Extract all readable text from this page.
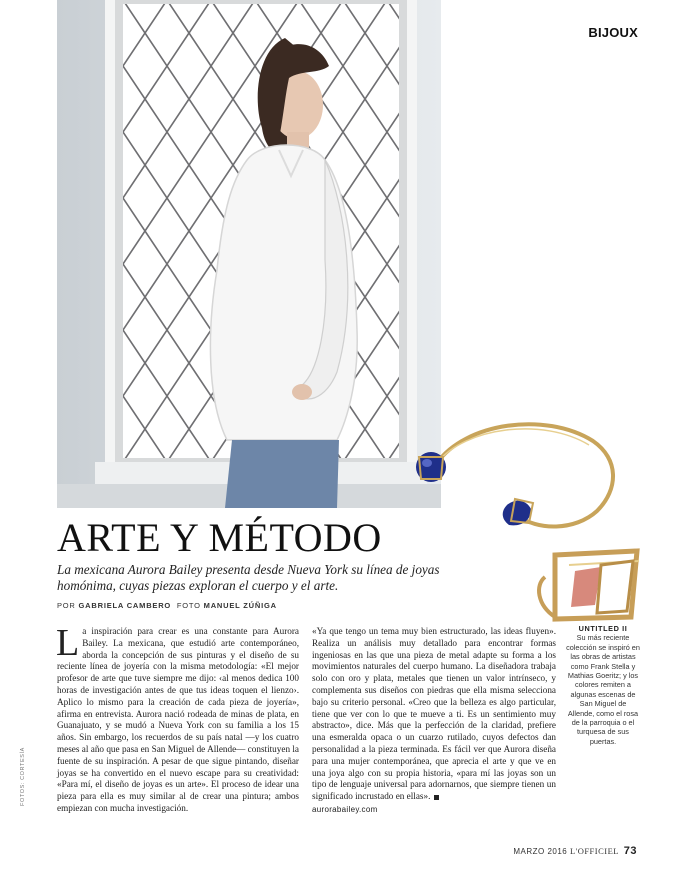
BIJOUX
ARTE Y MÉTODO
La mexicana Aurora Bailey presenta desde Nueva York su línea de joyas homónima, cuyas piezas exploran el cuerpo y el arte.
POR GABRIELA CAMBERO FOTO MANUEL ZÚÑIGA
La inspiración para crear es una constante para Aurora Bailey. La mexicana, que estudió arte contemporáneo, aborda la concepción de sus pinturas y el diseño de su reciente línea de joyería con la misma metodología: «El mejor profesor de arte que tuve siempre me dijo: ‹al menos dedica 100 horas de investigación antes de que tus ideas toquen el lienzo›. Aplico lo mismo para la creación de cada pieza de joyería», afirma en entrevista. Aurora nació rodeada de minas de plata, en Guanajuato, y se mudó a Nueva York con su familia a los 15 años. Sin embargo, los recuerdos de su país natal —y los cuatro meses al año que pasa en San Miguel de Allende— constituyen la fuente de su inspiración. A pesar de que sigue pintando, diseñar joyas se ha convertido en el nuevo escape para su creatividad: «Para mí, el diseño de joyas es un arte». El proceso de idear una pieza para ella es muy similar al de crear una pintura; ambos empiezan con mucha investigación.
«Ya que tengo un tema muy bien estructurado, las ideas fluyen». Realiza un análisis muy detallado para encontrar formas ingeniosas en las que una pieza de metal adapte su forma a los movimientos naturales del cuerpo humano. La diseñadora trabaja solo con oro y plata, metales que tienen un valor intrínseco, y complementa sus diseños con piedras que ella misma selecciona bajo su criterio personal. «Creo que la belleza es algo particular, tiene que ver con lo que te mueve a ti. Es un sentimiento muy abstracto», dice. Más que la perfección de la claridad, prefiere una esmeralda opaca o un cuarzo rutilado, cuyos defectos dan personalidad a la pieza terminada. Es fácil ver que Aurora diseña para una mujer contemporánea, que aprecia el arte y que ve en una joya algo con su propia historia, «para mí las joyas son un tipo de lenguaje universal para adornarnos, que siempre tienen un significado incrustado en ellas».
aurorabailey.com
UNTITLED II
Su más reciente colección se inspiró en las obras de artistas como Frank Stella y Mathias Goeritz; y los colores remiten a algunas escenas de San Miguel de Allende, como el rosa de la parroquia o el turquesa de sus puertas.
FOTOS: CORTESÍA
MARZO 2016 L'OFFICIEL 73
